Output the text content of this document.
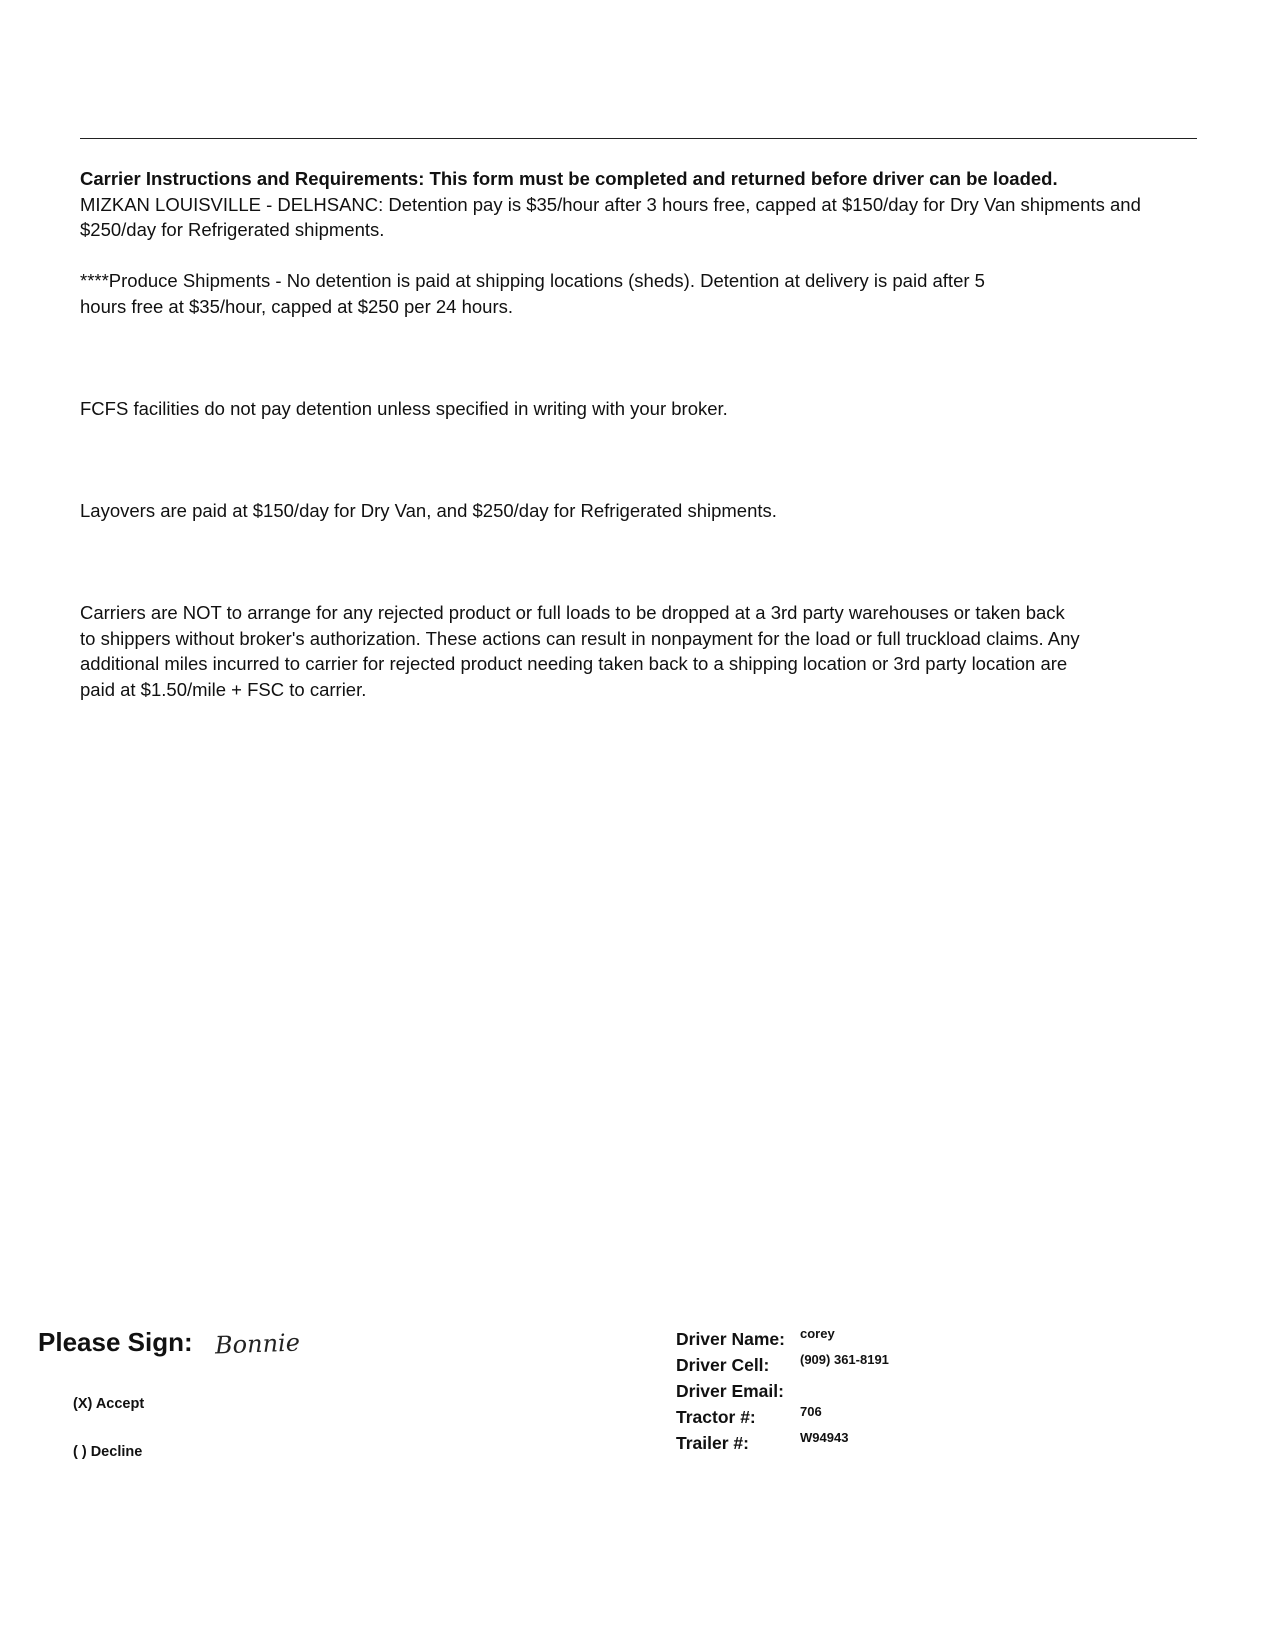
Carrier Instructions and Requirements: This form must be completed and returned before driver can be loaded.
MIZKAN LOUISVILLE - DELHSANC: Detention pay is $35/hour after 3 hours free, capped at $150/day for Dry Van shipments and $250/day for Refrigerated shipments.

****Produce Shipments - No detention is paid at shipping locations (sheds). Detention at delivery is paid after 5 hours free at $35/hour, capped at $250 per 24 hours.

FCFS facilities do not pay detention unless specified in writing with your broker.

Layovers are paid at $150/day for Dry Van, and $250/day for Refrigerated shipments.

Carriers are NOT to arrange for any rejected product or full loads to be dropped at a 3rd party warehouses or taken back to shippers without broker's authorization. These actions can result in nonpayment for the load or full truckload claims. Any additional miles incurred to carrier for rejected product needing taken back to a shipping location or 3rd party location are paid at $1.50/mile + FSC to carrier.

Please Sign: Bonnie
(X) Accept
( ) Decline
Driver Name: corey
Driver Cell: (909) 361-8191
Driver Email:
Tractor #:	706
Trailer #:	W94943
